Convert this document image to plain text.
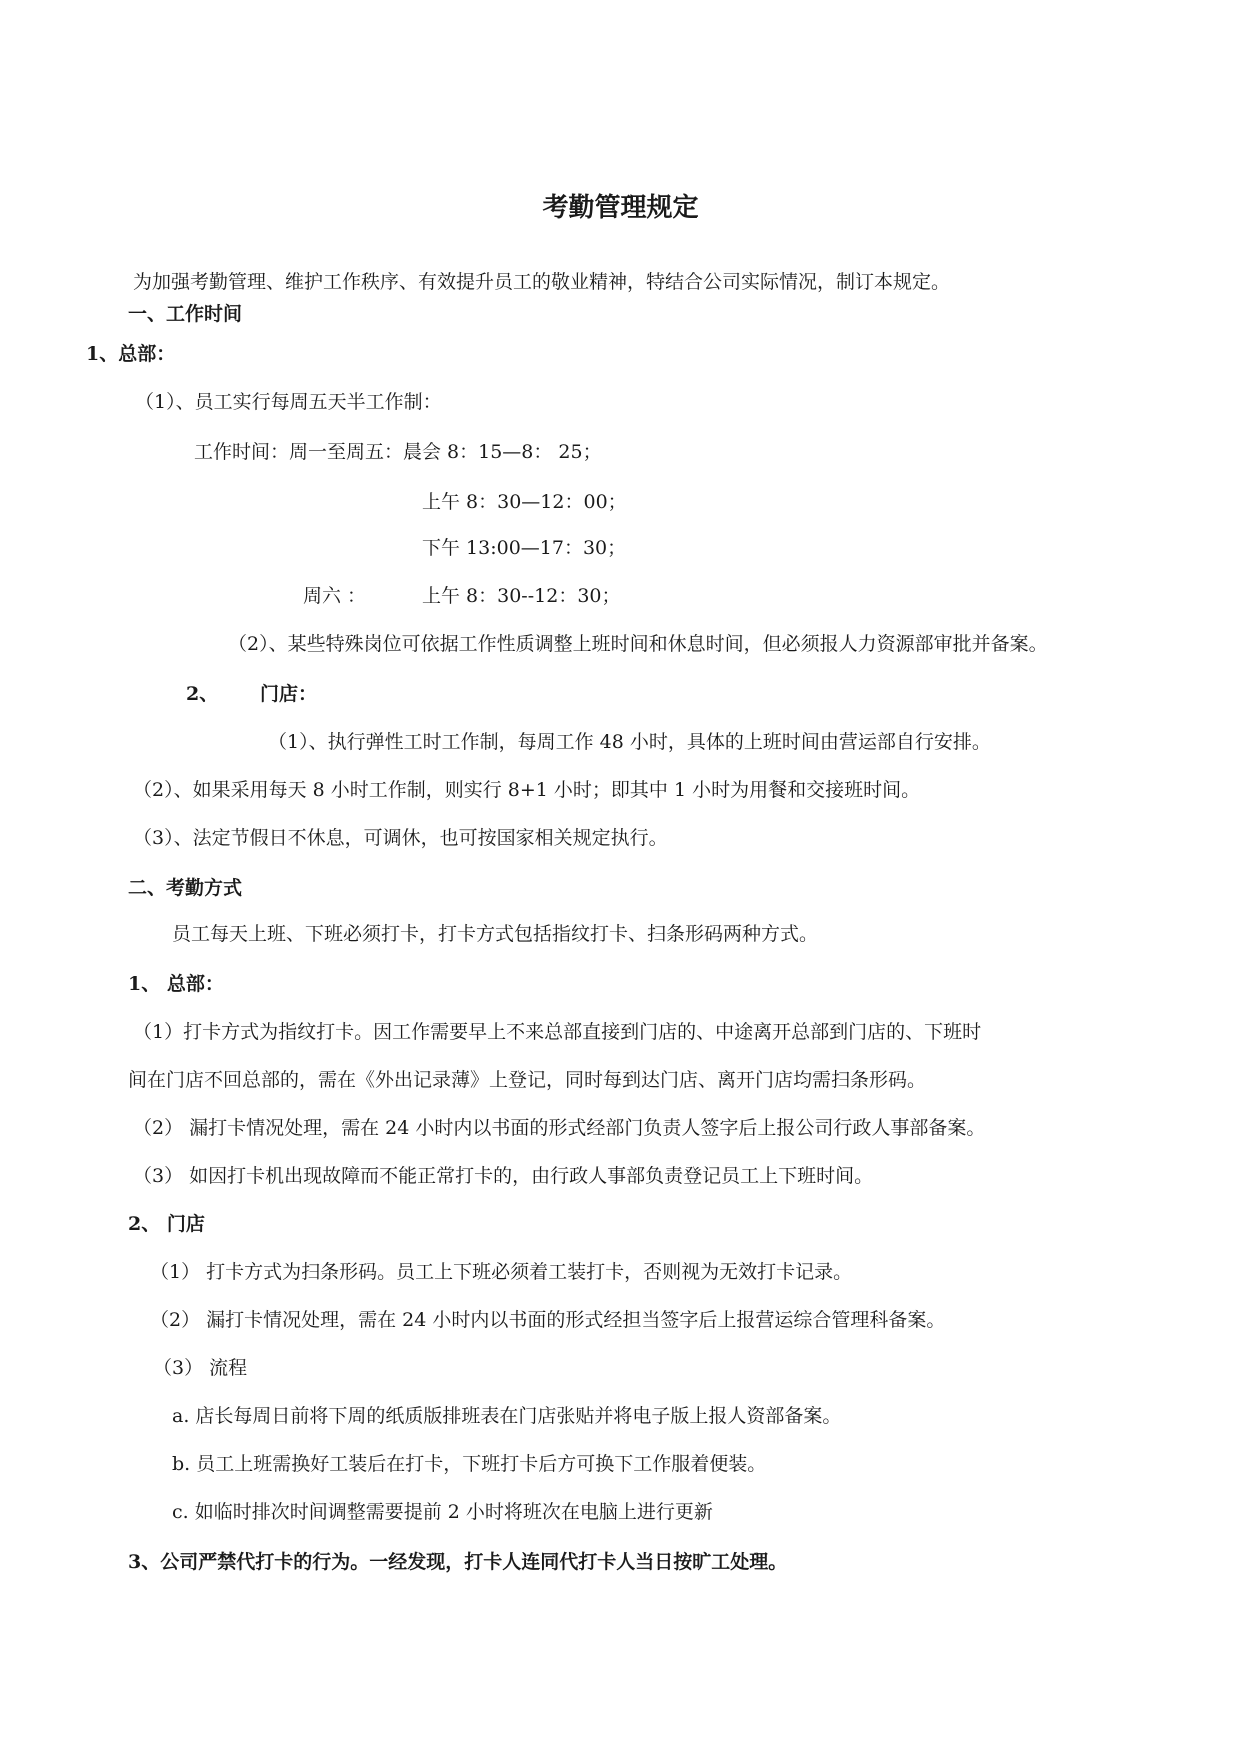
考勤管理规定
为加强考勤管理、维护工作秩序、有效提升员工的敬业精神，特结合公司实际情况，制订本规定。
一、工作时间
1、总部：
（1）、员工实行每周五天半工作制：
工作时间：周一至周五：晨会 8：15—8： 25；
上午 8：30—12：00；
下午 13:00—17：30；
周六 ：	上午 8：30--12：30；
（2）、某些特殊岗位可依据工作性质调整上班时间和休息时间，但必须报人力资源部审批并备案。
2、 门店：
（1）、执行弹性工时工作制，每周工作 48 小时，具体的上班时间由营运部自行安排。
（2）、如果采用每天 8 小时工作制，则实行 8+1 小时；即其中 1 小时为用餐和交接班时间。
（3）、法定节假日不休息，可调休，也可按国家相关规定执行。
二、考勤方式
员工每天上班、下班必须打卡，打卡方式包括指纹打卡、扫条形码两种方式。
1、 总部：
（1）打卡方式为指纹打卡。因工作需要早上不来总部直接到门店的、中途离开总部到门店的、下班时
间在门店不回总部的，需在《外出记录薄》上登记，同时每到达门店、离开门店均需扫条形码。
（2） 漏打卡情况处理，需在 24 小时内以书面的形式经部门负责人签字后上报公司行政人事部备案。
（3） 如因打卡机出现故障而不能正常打卡的，由行政人事部负责登记员工上下班时间。
2、 门店
（1） 打卡方式为扫条形码。员工上下班必须着工装打卡，否则视为无效打卡记录。
（2） 漏打卡情况处理，需在 24 小时内以书面的形式经担当签字后上报营运综合管理科备案。
（3） 流程
a. 店长每周日前将下周的纸质版排班表在门店张贴并将电子版上报人资部备案。
b. 员工上班需换好工装后在打卡，下班打卡后方可换下工作服着便装。
c. 如临时排次时间调整需要提前 2 小时将班次在电脑上进行更新
3、公司严禁代打卡的行为。一经发现，打卡人连同代打卡人当日按旷工处理。
